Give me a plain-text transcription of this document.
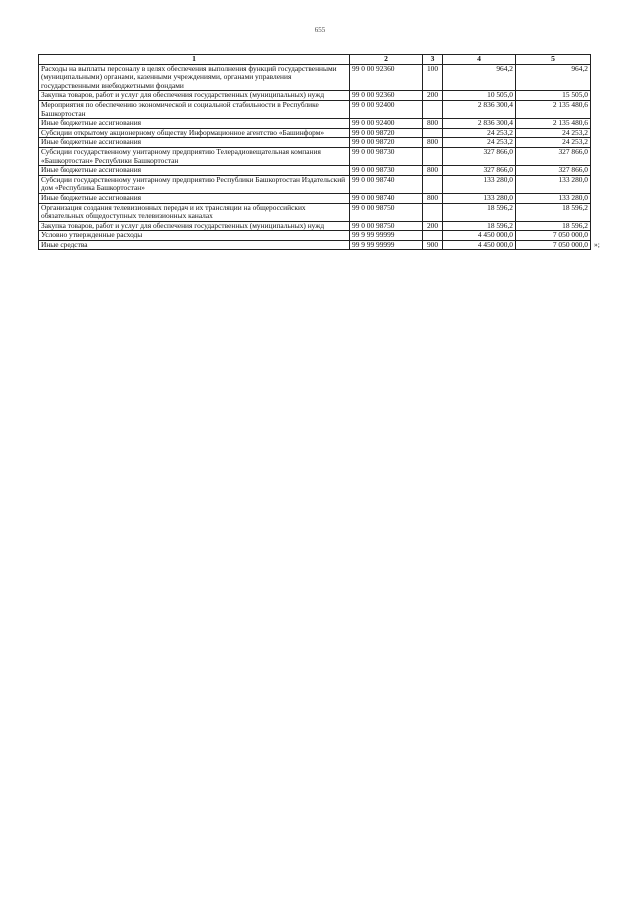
655
1	2	3	4	5
Расходы на выплаты персоналу в целях обеспечения выполнения функций государственными (муниципальными) органами, казенными учреждениями, органами управления государственными внебюджетными фондами	99 0 00 92360	100	964,2	964,2
Закупка товаров, работ и услуг для обеспечения государственных (муниципальных) нужд	99 0 00 92360	200	10 505,0	15 505,0
Мероприятия по обеспечению экономической и социальной стабильности в Республике Башкортостан	99 0 00 92400		2 836 300,4	2 135 480,6
Иные бюджетные ассигнования	99 0 00 92400	800	2 836 300,4	2 135 480,6
Субсидии открытому акционерному обществу Информационное агентство «Башинформ»	99 0 00 98720		24 253,2	24 253,2
Иные бюджетные ассигнования	99 0 00 98720	800	24 253,2	24 253,2
Субсидии государственному унитарному предприятию Телерадиовещательная компания «Башкортостан» Республики Башкортостан	99 0 00 98730		327 866,0	327 866,0
Иные бюджетные ассигнования	99 0 00 98730	800	327 866,0	327 866,0
Субсидии государственному унитарному предприятию Республики Башкортостан Издательский дом «Республика Башкортостан»	99 0 00 98740		133 280,0	133 280,0
Иные бюджетные ассигнования	99 0 00 98740	800	133 280,0	133 280,0
Организация создания телевизионных передач и их трансляции на общероссийских обязательных общедоступных телевизионных каналах	99 0 00 98750		18 596,2	18 596,2
Закупка товаров, работ и услуг для обеспечения государственных (муниципальных) нужд	99 0 00 98750	200	18 596,2	18 596,2
Условно утвержденные расходы	99 9 99 99999		4 450 000,0	7 050 000,0
Иные средства	99 9 99 99999	900	4 450 000,0	7 050 000,0 »;
